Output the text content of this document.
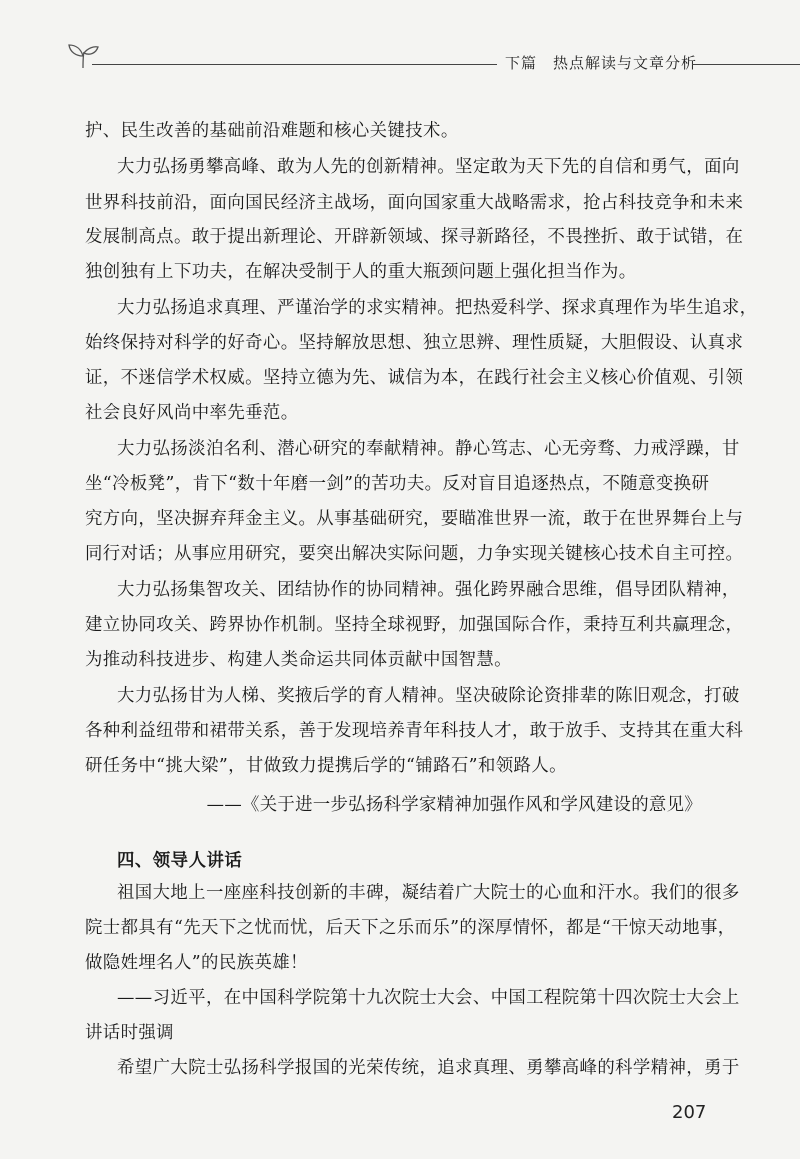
下篇　热点解读与文章分析
护、民生改善的基础前沿难题和核心关键技术。
大力弘扬勇攀高峰、敢为人先的创新精神。坚定敢为天下先的自信和勇气，面向
世界科技前沿，面向国民经济主战场，面向国家重大战略需求，抢占科技竞争和未来
发展制高点。敢于提出新理论、开辟新领域、探寻新路径，不畏挫折、敢于试错，在
独创独有上下功夫，在解决受制于人的重大瓶颈问题上强化担当作为。
大力弘扬追求真理、严谨治学的求实精神。把热爱科学、探求真理作为毕生追求，
始终保持对科学的好奇心。坚持解放思想、独立思辨、理性质疑，大胆假设、认真求
证，不迷信学术权威。坚持立德为先、诚信为本，在践行社会主义核心价值观、引领
社会良好风尚中率先垂范。
大力弘扬淡泊名利、潜心研究的奉献精神。静心笃志、心无旁骛、力戒浮躁，甘
坐“冷板凳”，肯下“数十年磨一剑”的苦功夫。反对盲目追逐热点，不随意变换研
究方向，坚决摒弃拜金主义。从事基础研究，要瞄准世界一流，敢于在世界舞台上与
同行对话；从事应用研究，要突出解决实际问题，力争实现关键核心技术自主可控。
大力弘扬集智攻关、团结协作的协同精神。强化跨界融合思维，倡导团队精神，
建立协同攻关、跨界协作机制。坚持全球视野，加强国际合作，秉持互利共赢理念，
为推动科技进步、构建人类命运共同体贡献中国智慧。
大力弘扬甘为人梯、奖掖后学的育人精神。坚决破除论资排辈的陈旧观念，打破
各种利益纽带和裙带关系，善于发现培养青年科技人才，敢于放手、支持其在重大科
研任务中“挑大梁”，甘做致力提携后学的“铺路石”和领路人。
——《关于进一步弘扬科学家精神加强作风和学风建设的意见》
四、领导人讲话
祖国大地上一座座科技创新的丰碑，凝结着广大院士的心血和汗水。我们的很多
院士都具有“先天下之忧而忧，后天下之乐而乐”的深厚情怀，都是“干惊天动地事，
做隐姓埋名人”的民族英雄！
——习近平，在中国科学院第十九次院士大会、中国工程院第十四次院士大会上
讲话时强调
希望广大院士弘扬科学报国的光荣传统，追求真理、勇攀高峰的科学精神，勇于
207
